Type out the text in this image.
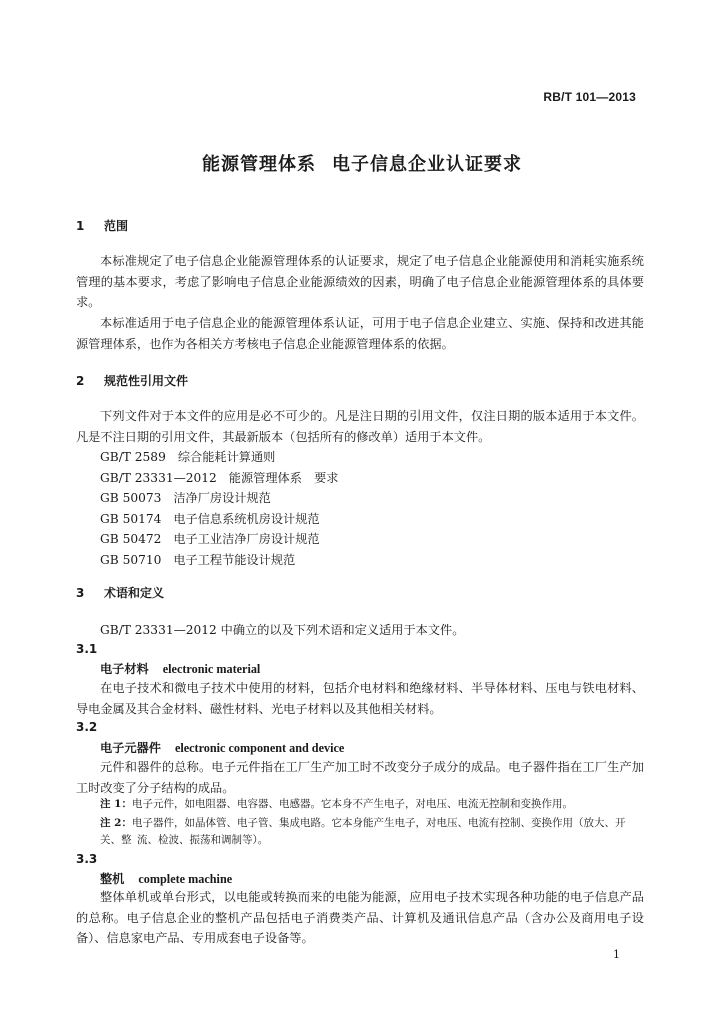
RB/T 101—2013
能源管理体系 电子信息企业认证要求
1 范围
本标准规定了电子信息企业能源管理体系的认证要求，规定了电子信息企业能源使用和消耗实施系统管理的基本要求，考虑了影响电子信息企业能源绩效的因素，明确了电子信息企业能源管理体系的具体要求。
本标准适用于电子信息企业的能源管理体系认证，可用于电子信息企业建立、实施、保持和改进其能源管理体系，也作为各相关方考核电子信息企业能源管理体系的依据。
2 规范性引用文件
下列文件对于本文件的应用是必不可少的。凡是注日期的引用文件，仅注日期的版本适用于本文件。凡是不注日期的引用文件，其最新版本（包括所有的修改单）适用于本文件。
GB/T 2589 综合能耗计算通则
GB/T 23331—2012 能源管理体系　要求
GB 50073 洁净厂房设计规范
GB 50174 电子信息系统机房设计规范
GB 50472 电子工业洁净厂房设计规范
GB 50710 电子工程节能设计规范
3 术语和定义
GB/T 23331—2012 中确立的以及下列术语和定义适用于本文件。
3.1
电子材料 electronic material
在电子技术和微电子技术中使用的材料，包括介电材料和绝缘材料、半导体材料、压电与铁电材料、导电金属及其合金材料、磁性材料、光电子材料以及其他相关材料。
3.2
电子元器件 electronic component and device
元件和器件的总称。电子元件指在工厂生产加工时不改变分子成分的成品。电子器件指在工厂生产加工时改变了分子结构的成品。
注 1：电子元件，如电阻器、电容器、电感器。它本身不产生电子，对电压、电流无控制和变换作用。
注 2：电子器件，如晶体管、电子管、集成电路。它本身能产生电子，对电压、电流有控制、变换作用（放大、开关、整 流、检波、振荡和调制等）。
3.3
整机 complete machine
整体单机或单台形式，以电能或转换而来的电能为能源，应用电子技术实现各种功能的电子信息产品的总称。电子信息企业的整机产品包括电子消费类产品、计算机及通讯信息产品（含办公及商用电子设备）、信息家电产品、专用成套电子设备等。
1
